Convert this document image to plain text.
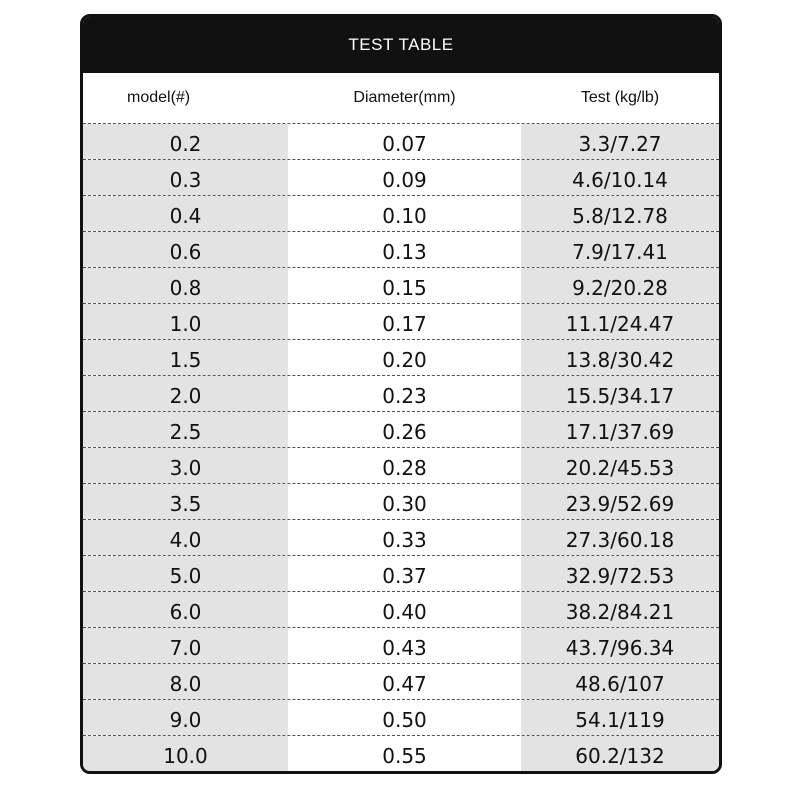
TEST TABLE
model(#)	Diameter(mm)	Test (kg/lb)
0.2	0.07	3.3/7.27
0.3	0.09	4.6/10.14
0.4	0.10	5.8/12.78
0.6	0.13	7.9/17.41
0.8	0.15	9.2/20.28
1.0	0.17	11.1/24.47
1.5	0.20	13.8/30.42
2.0	0.23	15.5/34.17
2.5	0.26	17.1/37.69
3.0	0.28	20.2/45.53
3.5	0.30	23.9/52.69
4.0	0.33	27.3/60.18
5.0	0.37	32.9/72.53
6.0	0.40	38.2/84.21
7.0	0.43	43.7/96.34
8.0	0.47	48.6/107
9.0	0.50	54.1/119
10.0	0.55	60.2/132
